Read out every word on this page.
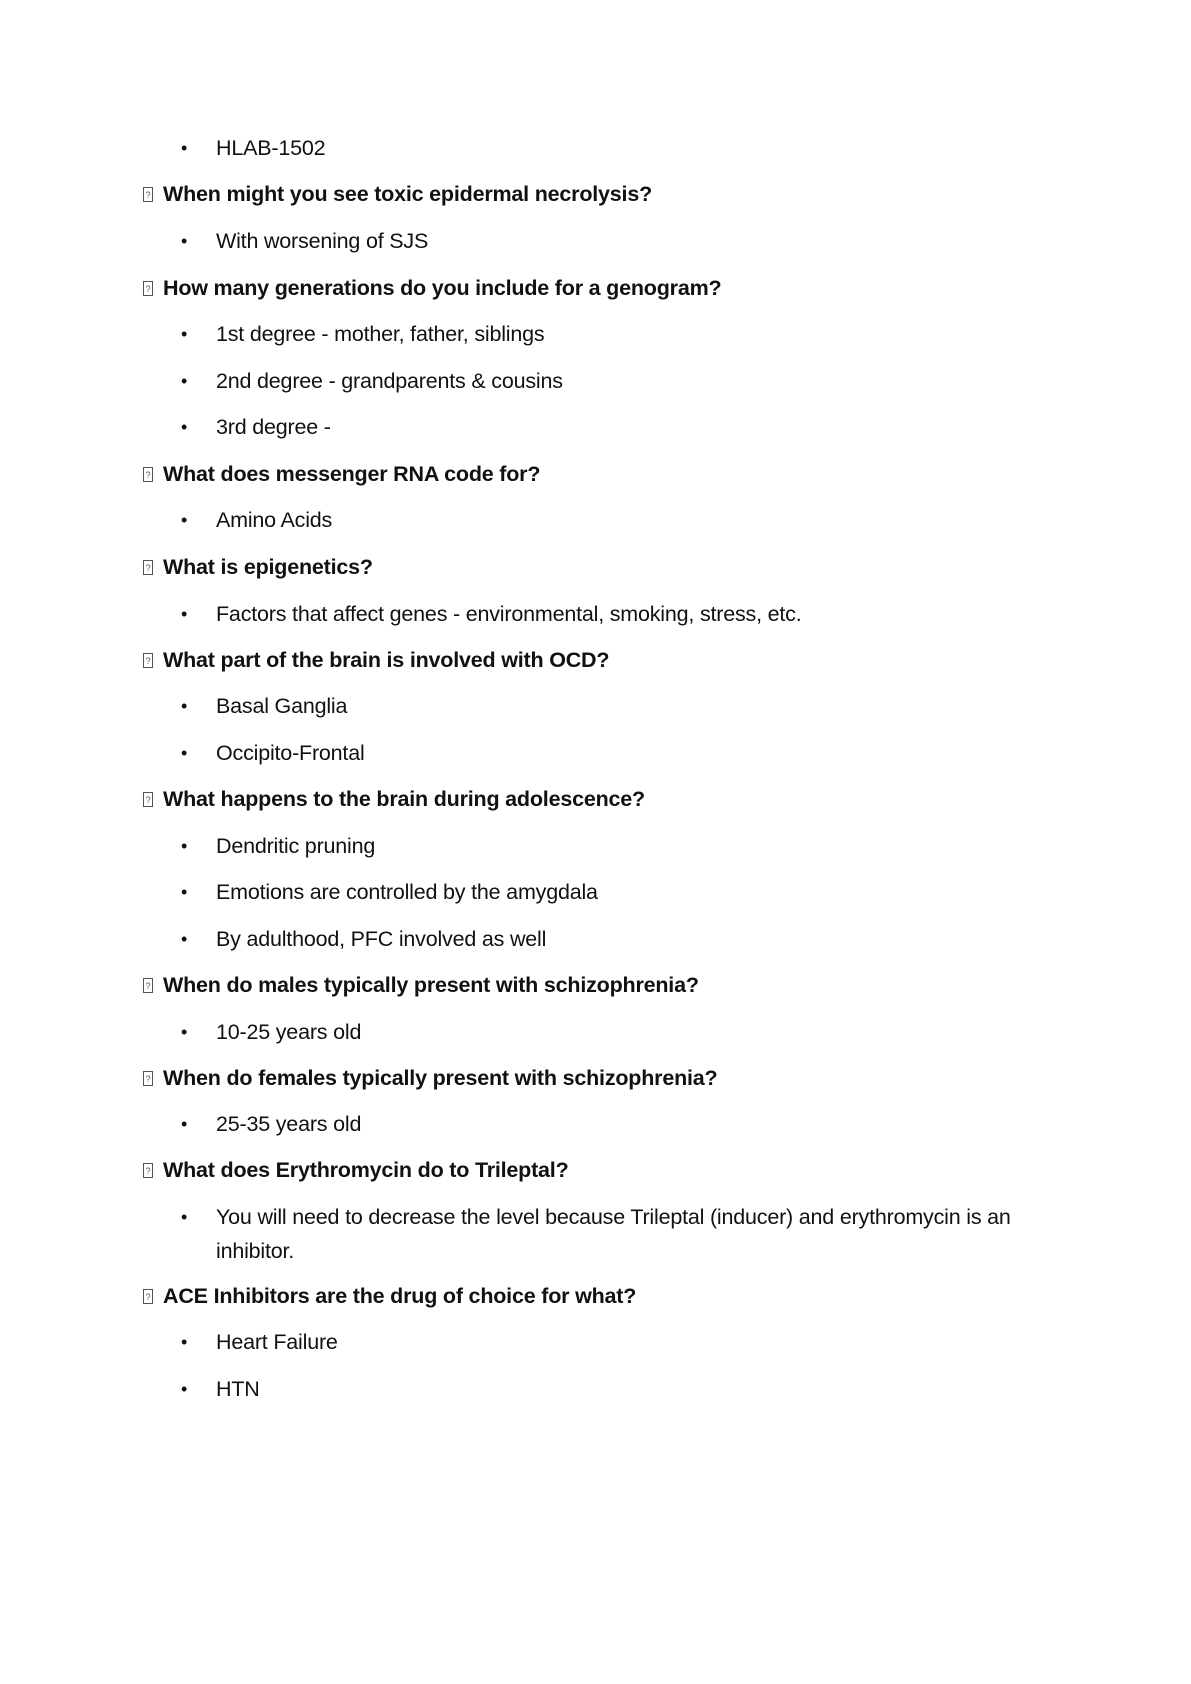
• HLAB-1502
? When might you see toxic epidermal necrolysis?
• With worsening of SJS
? How many generations do you include for a genogram?
• 1st degree - mother, father, siblings
• 2nd degree - grandparents & cousins
• 3rd degree -
? What does messenger RNA code for?
• Amino Acids
? What is epigenetics?
• Factors that affect genes - environmental, smoking, stress, etc.
? What part of the brain is involved with OCD?
• Basal Ganglia
• Occipito-Frontal
? What happens to the brain during adolescence?
• Dendritic pruning
• Emotions are controlled by the amygdala
• By adulthood, PFC involved as well
? When do males typically present with schizophrenia?
• 10-25 years old
? When do females typically present with schizophrenia?
• 25-35 years old
? What does Erythromycin do to Trileptal?
• You will need to decrease the level because Trileptal (inducer) and erythromycin is an inhibitor.
? ACE Inhibitors are the drug of choice for what?
• Heart Failure
• HTN
